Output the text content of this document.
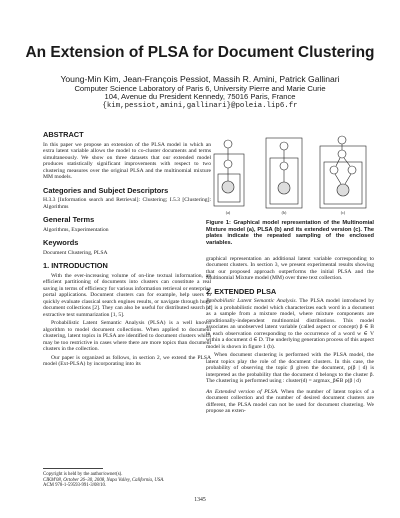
An Extension of PLSA for Document Clustering
Young-Min Kim, Jean-François Pessiot, Massih R. Amini, Patrick Gallinari
Computer Science Laboratory of Paris 6, University Pierre and Marie Curie
104, Avenue du President Kennedy, 75016 Paris, France
{kim,pessiot,amini,gallinari}@poleia.lip6.fr
ABSTRACT

In this paper we propose an extension of the PLSA model in which an extra latent variable allows the model to co-cluster documents and terms simultaneously. We show on three datasets that our extended model produces statistically significant improvements with respect to two clustering measures over the original PLSA and the multinomial mixture MM models.

Categories and Subject Descriptors

H.3.3 [Information search and Retrieval]: Clustering; I.5.3 [Clustering]: Algorithms

General Terms

Algorithms, Experimentation

Keywords

Document Clustering, PLSA

1. INTRODUCTION

With the ever-increasing volume of on-line textual information, an efficient partitioning of documents into clusters can constitute a real saving in terms of efficiency for various information retrieval or enterprise portal applications. Document clusters can for example, help users to quickly evaluate classical search engines results, or navigate through huge document collections [2]. They can also be useful for distributed search or extractive text summarization [1, 5].

Probabilistic Latent Semantic Analysis (PLSA) is a well known algorithm to model document collections. When applied to document clustering, latent topics in PLSA are identified to document clusters which may be too restrictive in cases where there are more topics than document clusters in the collection.

Our paper is organized as follows, in section 2, we extend the PLSA model (Ext-PLSA) by incorporating into its

(a)	(b)	(c)
Figure 1: Graphical model representation of the Multinomial Mixture model (a), PLSA (b) and its extended version (c). The plates indicate the repeated sampling of the enclosed variables.

graphical representation an additional latent variable corresponding to document clusters. In section 3, we present experimental results showing that our proposed approach outperforms the initial PLSA and the Multinomial Mixture model (MM) over three text collection.

2. EXTENDED PLSA

Probabilistic Latent Semantic Analysis. The PLSA model introduced by [4] is a probabilistic model which characterizes each word in a document as a sample from a mixture model, where mixture components are conditionally-independent multinomial distributions. This model associates an unobserved latent variable (called aspect or concept) β ∈ B to each observation corresponding to the occurrence of a word w ∈ V within a document d ∈ D. The underlying generation process of this aspect model is shown in figure 1 (b).

When document clustering is performed with the PLSA model, the latent topics play the role of the document clusters. In this case, the probability of observing the topic β given the document, p(β | d) is interpreted as the probability that the document d belongs to the cluster β. The clustering is performed using : cluster(d) = argmax_β∈B p(β | d)

An Extended version of PLSA. When the number of latent topics of a document collection and the number of desired document clusters are different, the PLSA model can not be used for document clustering. We propose an exten-

Copyright is held by the author/owner(s).
CIKM'08, October 26–30, 2008, Napa Valley, California, USA.
ACM 978-1-59593-991-3/08/10.
1345
